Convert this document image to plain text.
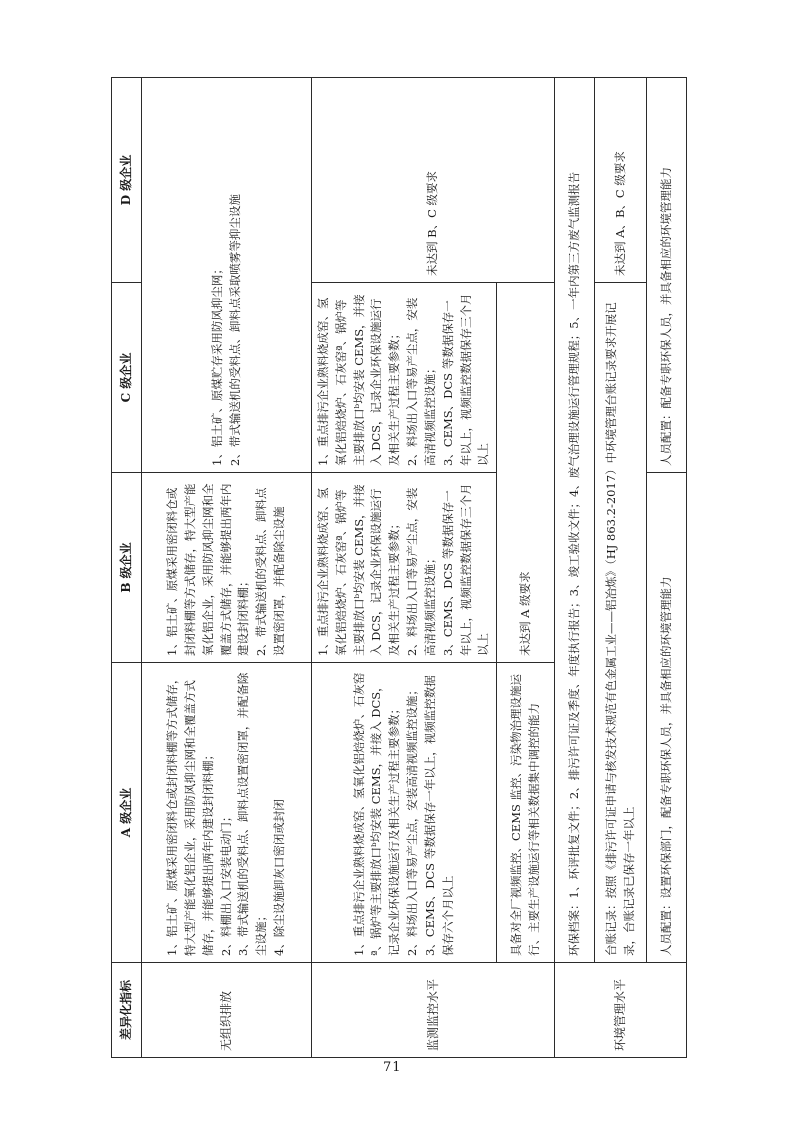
差异化指标	A 级企业	B 级企业	C 级企业	D 级企业
无组织排放	1、铝土矿、原煤采用密闭料仓或封闭料棚等方式储存，特大型产能氧化铝企业，采用防风抑尘网和全覆盖方式储存，并能够提出两年内建设封闭料棚； 2、料棚出入口安装电动门； 3、带式输送机的受料点、卸料点设置密闭罩，并配备除尘设施； 4、除尘设施卸灰口密闭或封闭	1、铝土矿、原煤采用密闭料仓或封闭料棚等方式储存，特大型产能氧化铝企业，采用防风抑尘网和全覆盖方式储存，并能够提出两年内建设封闭料棚； 2、带式输送机的受料点、卸料点设置密闭罩，并配备除尘设施	1、铝土矿、原煤贮存采用防风抑尘网； 2、带式输送机的受料点、卸料点采取喷雾等抑尘设施	

监测监控水平	1、重点排污企业熟料烧成窑、氢氧化铝焙烧炉、石灰窑ª、锅炉等主要排放口ᵇ均安装 CEMS，并接入 DCS，记录企业环保设施运行及相关生产过程主要参数； 2、料场出入口等易产尘点，安装高清视频监控设施； 3、CEMS、DCS 等数据保存一年以上，视频监控数据保存六个月以上	1、重点排污企业熟料烧成窑、氢氧化铝焙烧炉、石灰窑ª、锅炉等主要排放口ᵇ均安装 CEMS，并接入 DCS，记录企业环保设施运行及相关生产过程主要参数； 2、料场出入口等易产尘点，安装高清视频监控设施； 3、CEMS、DCS 等数据保存一年以上，视频监控数据保存三个月以上	1、重点排污企业熟料烧成窑、氢氧化铝焙烧炉、石灰窑ª、锅炉等主要排放口ᵇ均安装 CEMS，并接入 DCS，记录企业环保设施运行及相关生产过程主要参数； 2、料场出入口等易产尘点，安装高清视频监控设施； 3、CEMS、DCS 等数据保存一年以上，视频监控数据保存三个月以上	未达到 B、C 级要求
	具备对全厂视频监控、CEMS 监控、污染物治理设施运行、主要生产设施运行等相关数据集中调控的能力	未达到 A 级要求		
环境管理水平	环保档案：1、环评批复文件；2、排污许可证及季度、年度执行报告；3、竣工验收文件；4、废气治理设施运行管理规程；5、一年内第三方废气监测报告			
	台账记录：按照《排污许可证申请与核发技术规范有色金属工业——铝冶炼》（HJ 863.2-2017）中环境管理台账记录要求开展记录，台账记录已保存一年以上			未达到 A、B、C 级要求
	人员配置：设置环保部门，配备专职环保人员，并具备相应的环境管理能力		人员配置：配备专职环保人员，并具备相应的环境管理能力	
71
